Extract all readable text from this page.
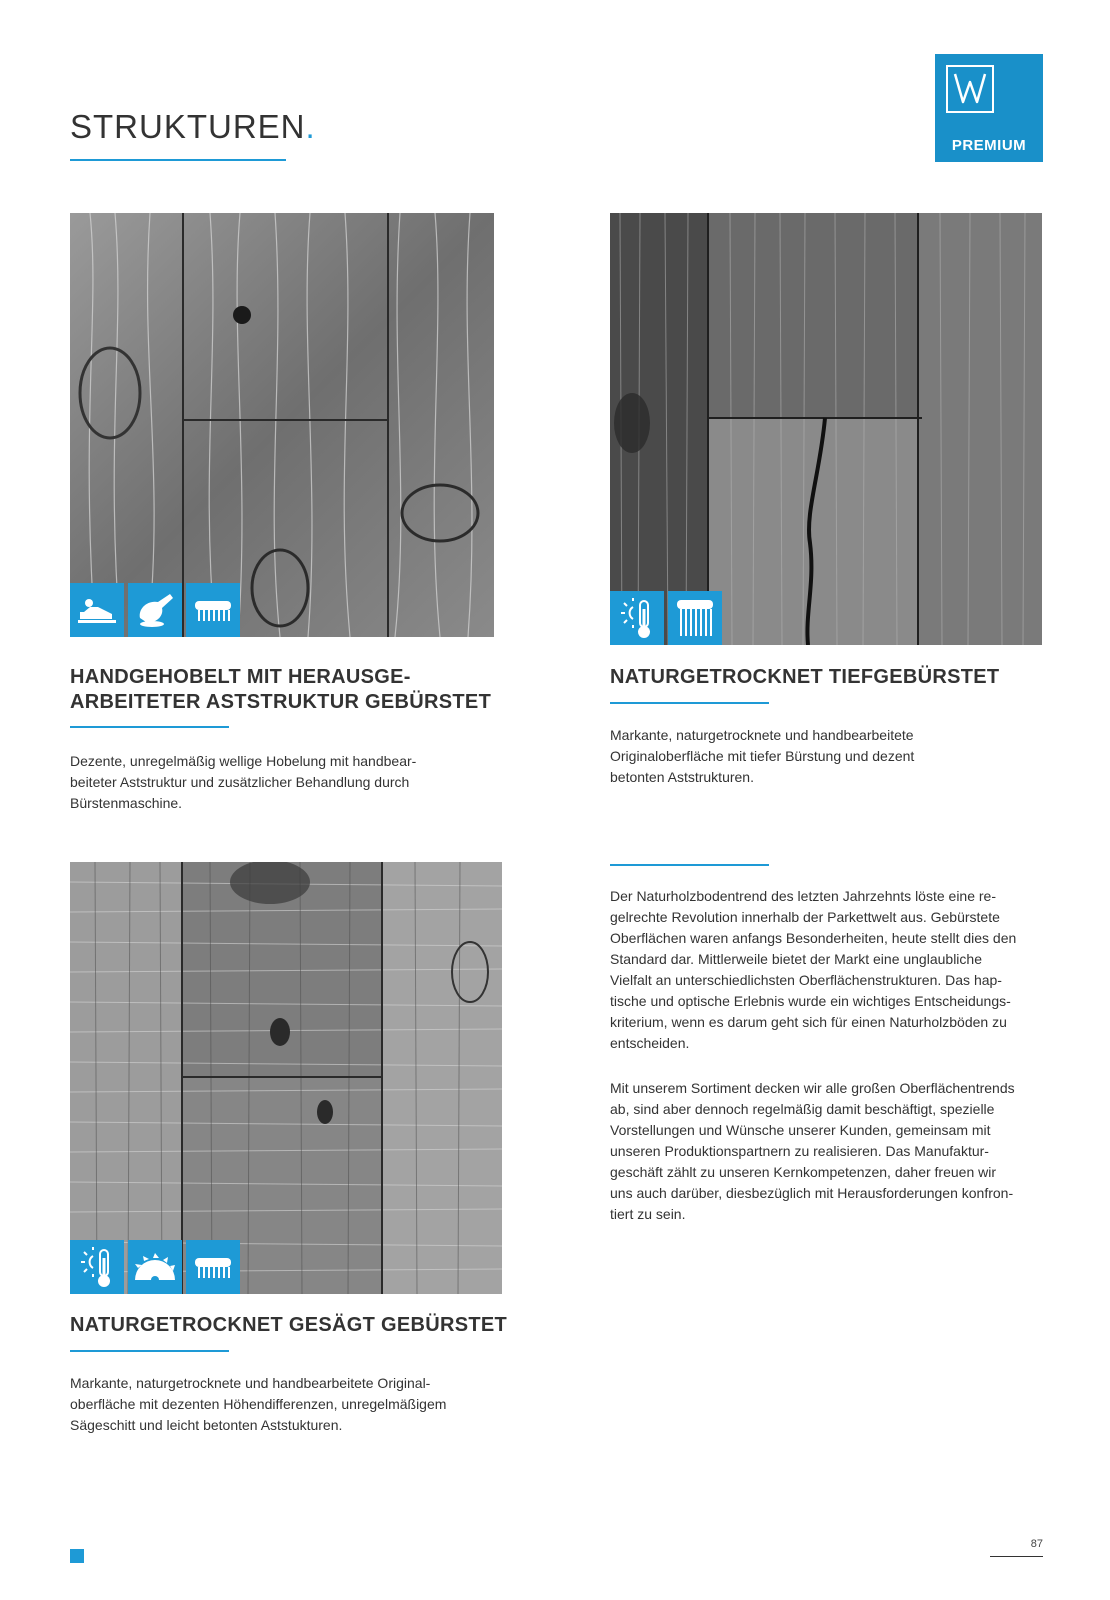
STRUKTUREN.
PREMIUM

HANDGEHOBELT MIT HERAUSGE-

ARBEITETER ASTSTRUKTUR GEBÜRSTET

Dezente, unregelmäßig wellige Hobelung mit handbear-

beiteter Aststruktur und zusätzlicher Behandlung durch

Bürstenmaschine.

NATURGETROCKNET TIEFGEBÜRSTET

Markante, naturgetrocknete und handbearbeitete

Originaloberfläche mit tiefer Bürstung und dezent

betonten Aststrukturen.

NATURGETROCKNET GESÄGT GEBÜRSTET

Markante, naturgetrocknete und handbearbeitete Original-

oberfläche mit dezenten Höhendifferenzen, unregelmäßigem

Sägeschitt und leicht betonten Aststukturen.

Der Naturholzbodentrend des letzten Jahrzehnts löste eine re-

gelrechte Revolution innerhalb der Parkettwelt aus. Gebürstete

Oberflächen waren anfangs Besonderheiten, heute stellt dies den

Standard dar. Mittlerweile bietet der Markt eine unglaubliche

Vielfalt an unterschiedlichsten Oberflächenstrukturen. Das hap-

tische und optische Erlebnis wurde ein wichtiges Entscheidungs-

kriterium, wenn es darum geht sich für einen Naturholzböden zu

entscheiden.

Mit unserem Sortiment decken wir alle großen Oberflächentrends

ab, sind aber dennoch regelmäßig damit beschäftigt, spezielle

Vorstellungen und Wünsche unserer Kunden, gemeinsam mit

unseren Produktionspartnern zu realisieren. Das Manufaktur-

geschäft zählt zu unseren Kernkompetenzen, daher freuen wir

uns auch darüber, diesbezüglich mit Herausforderungen konfron-

tiert zu sein.

87
